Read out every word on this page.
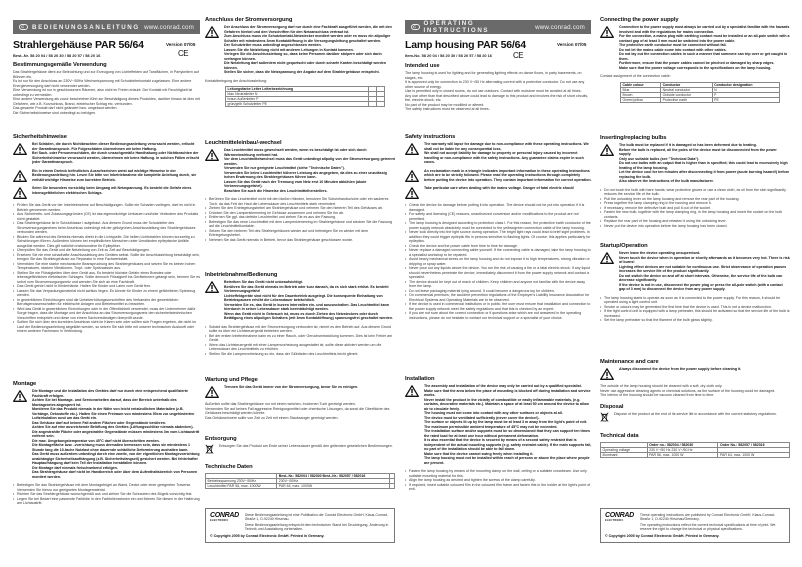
C	BEDIENUNGSANLEITUNG www.conrad.com
Strahlergehäuse PAR 56/64
Best.-Nr. 58 20 04 / 58 20 30 / 58 20 57 / 58 20 16
Version 07/05
CE
Bestimmungsgemäße Verwendung
Das Strahlergehäuse dient zur Beleuchtung und zur Erzeugung von Lichteffekten auf Tanzflächen, in Partykellern auf Bühnen etc.
Es ist nur für den Anschluss an 230V~/50Hz Wechselspannung mit Schutzleiterkontakt zugelassen. Eine andere Energieversorgung darf nicht verwendet werden.
Eine Verwendung ist nur in geschlossenen Räumen, also nicht im Freien erlaubt. Der Kontakt mit Feuchtigkeit ist unbedingt zu vermeiden.
Eine andere Verwendung als zuvor beschrieben führt zur Beschädigung dieses Produktes, darüber hinaus ist dies mit Gefahren, wie z.B. Kurzschluss, Brand, elektrischer Schlag etc. verbunden.
Das gesamte Produkt darf nicht geändert bzw. umgebaut werden.
Die Sicherheitshinweise sind unbedingt zu befolgen.
Sicherheitshinweise
Bei Schäden, die durch Nichtbeachten dieser Bedienungsanleitung verursacht werden, erlischt der Garantieanspruch. Für Folgeschäden übernehmen wir keine Haftung.
Bei Sach- oder Personenschäden, die durch unsachgemäße Handhabung oder Nichtbeachten der Sicherheitshinweise verursacht werden, übernehmen wir keine Haftung. In solchen Fällen erlischt jeder Garantieanspruch.
Ein in einem Dreieck befindliches Ausrufezeichen weist auf wichtige Hinweise in der Bedienungsanleitung hin. Lesen Sie bitte vor Inbetriebnahme die komplette Anleitung durch, sie enthält wichtige Hinweise zum korrekten Betrieb.
Seien Sie besonders vorsichtig beim Umgang mit Netzspannung. Es besteht die Gefahr eines lebensgefährlichen elektrischen Schlags.
• Prüfen Sie das Gerät vor der Inbetriebnahme auf Beschädigungen. Sollte ein Schaden vorliegen, darf es nicht in Betrieb genommen werden.
• Aus Sicherheits- und Zulassungsgründen (CE) ist das eigenmächtige Umbauen und/oder Verändern des Produkts nicht gestattet.
• Das Strahlergehäuse ist in Schutzklasse I aufgebaut. Aus diesem Grund muss der Schutzleiter des Stromversorgungsnetzes beim Anschluss unbedingt mit der gelb/grünen Anschlussleitung des Strahlergehäuses verbunden werden.
• Blicken Sie während des Betriebs niemals direkt in die Lichtquelle. Die hellen Lichtstrahlen können kurzzeitig zu Sehstörungen führen. Außerdem können bei empfindlichen Menschen unter Umständen epileptische Anfälle ausgelöst werden. Dies gilt natürlich insbesondere für Epileptiker.
• Überprüfen Sie das Gerät und die Netzleitung von Zeit zu Zeit auf Beschädigungen.
• Ersetzen Sie nie eine schadhafte Anschlussleitung des Gerätes selbst. Sollte die Anschlussleitung beschädigt sein, bringen Sie das Strahlergehäuse zur Reparatur in eine Fachwerkstatt.
• Vermeiden Sie eine starke mechanische Beanspruchung des Strahlergehäuses und setzen Sie es keinen hohen Temperaturen, starken Vibrationen, Tropf- oder Spritzwasser aus.
• Stellen Sie nie Flüssigkeiten über dem Gerät aus. Es besteht höchste Gefahr eines Brandes oder lebensgefährlichen elektrischen Schlages. Sollte dennoch Flüssigkeit ins Geräteinnere gelangt sein, trennen Sie es sofort vom Stromversorgungsnetz und wenden Sie sich an eine Fachkraft.
• Das Gerät gehört nicht in Kinderhände. Halten Sie Kinder und Laien vom Gerät fern.
• Lassen Sie das Verpackungsmaterial nicht achtlos liegen. Es könnte für Kinder zu einem gefährlichen Spielzeug werden.
• In gewerblichen Einrichtungen sind die Unfallverhütungsvorschriften des Verbandes der gewerblichen Berufsgenossenschaften für elektrische Anlagen und Betriebsmittel zu beachten.
• Wird das Gerät in gewerblichen Einrichtungen oder in der Öffentlichkeit verwendet, muss der Unternehmer dafür Sorge tragen, dass die Montage und der Anschluss an das Stromversorgungsnetz den sicherheitstechnischen Vorschriften entspricht und diese von einem Sachverständigen überprüft wurde.
• Sollten Sie sich über den korrekten Anschluss nicht im Klaren sein oder sollten sich Fragen ergeben, die nicht im Lauf der Bedienungsanleitung abgeklärt werden, so setzen Sie sich bitte mit unserer technischen Auskunft oder einem anderen Fachmann in Verbindung.
Montage
Die Montage und die Installation des Gerätes darf nur durch eine entsprechend qualifizierte Fachkraft erfolgen.
Achten Sie bei Montage- und Servicearbeiten darauf, dass der Bereich unterhalb des Montageortes abgesperrt ist.
Montieren Sie das Produkt niemals in der Nähe von leicht entzündlichen Materialien (z.B. Vorhänge, Dekostoffe etc.). Halten Sie einen Freiraum von mindestens 50cm zur ungehinderten Luftzirkulation rund um das Gerät ein.
Das Gehäuse darf auf keinen Fall andere Flächen oder Gegenstände berühren.
Achten Sie auf eine ausreichende Belüftung des Gerätes (Lüftungsschlitze niemals abdecken).
Die angestrahlte Fläche oder angestrahlte Gegenstände müssen mindestens 3m vom Lichtaustritt entfernt sein.
Die max. Umgebungstemperatur von 45°C darf nicht überschritten werden.
Die Montagefläche bzw. -vorrichtung muss dermaßen bemessen sein, dass sie mindestens 1 Stunde lang die 10-fache Nutzlast ohne dauernde schädliche Deformierung aushalten kann.
Das Gerät muss außerdem unbedingt durch eine zweite, von der eigentlichen Montagevorrichtung unabhängige Sicherheitsaufhängung (z.B. Sicherheitsfangseil) gesichert werden. Bei fehlerhafter Hauptaufhängung darf kein Teil der Installation herabfallen können.
Die Montage darf niemals freischwebend erfolgen.
Das Strahlergehäuse darf nicht im Handbereich oder über dem Aufenthaltsbereich von Personen montiert werden.
• Befestigen Sie das Strahlergehäuse mit dem Montagebügel an Wand, Decke oder einer geeigneten Traverse. Verwenden Sie hierzu nur geeignetes Montagematerial.
• Richten Sie das Strahlergehäuse wunschgemäß aus und ziehen Sie die Schrauben des Bügels vorsichtig fest.
• Legen Sie bei Bedarf eine passende Farbfolie in den Farbfolienrahmen ein und fixieren Sie diesen in der Halterung am Lichtaustritt.
Anschluss der Stromversorgung
Der Anschluss der Stromversorgung darf nur durch eine Fachkraft ausgeführt werden, die mit den Gefahren hierbei und den Vorschriften für den Netzanschluss vertraut ist.
Zum Anschluss muss ein Schutzkontakt-Netzstecker montiert werden oder es muss ein allpoliger Schalter mit mindestens 3mm Kontaktöffnung in die Versorgungsleitung geschaltet werden.
Der Schutzleiter muss unbedingt angeschlossen werden.
Lassen Sie die Netzleitung nicht mit anderen Leitungen in Kontakt kommen.
Verlegen Sie die Anschlussleitung so, dass keine Personen darüber stolpern oder sich darin verfangen können.
Die Netzleitung darf außerdem nicht gequetscht oder durch scharfe Kanten beschädigt werden können.
Stellen Sie sicher, dass die Netzspannung der Angabe auf dem Strahlergehäuse entspricht.
Kontaktbelegung der Anschlussleitung:
Leitungsfarbe Leiter Leiterbezeichnung		
blau Neutralleiter N		
braun Außenleiter P		
grün/gelb Schutzleiter PE		
Leuchtmitteleinbau/-wechsel
Das Leuchtmittel muss gewechselt werden, wenn es beschädigt ist oder sich durch Wärmeeinwirkung verformt hat.
Vor dem Leuchtmittelwechsel muss das Gerät unbedingt allpolig von der Stromversorgung getrennt werden.
Verwenden Sie nur geeignete Leuchtmittel (siehe "Technische Daten").
Verwenden Sie keine Leuchtmittel höherer Leistung als angegeben, da dies zu einer unzulässig hohen Erwärmung des Strahlergehäuses führen kann.
Lassen Sie das Gerät nach der Trennung vom Netz erst 10 Minuten abkühlen (akute Verbrennungsgefahr!).
Beachten Sie auch die Hinweise des Leuchtmittelherstellers.
• Berühren Sie das Leuchtmittel nicht mit den bloßen Händen, benutzen Sie Schutzhandschuhe oder ein sauberes Tuch, da das Fett der Haut die Lebensdauer des Leuchtmittels stark vermindert.
• Ziehen Sie den Entriegelungshebel am Strahlergehäuse und nehmen Sie den hinteren Teil des Gehäuses ab.
• Drücken Sie den Lampenklemmring im Gehäuse zusammen und nehmen Sie ihn ab.
• Entfernen Sie ggf. das defekte Leuchtmittel und ziehen Sie es aus der Fassung.
• Befestigen Sie das neue Leuchtmittel mit dem Lampenklemmring im Strahlergehäuse und stecken Sie die Fassung auf die Leuchtmittelkontakte.
• Setzen Sie den hinteren Teil des Strahlergehäuses wieder auf und befestigen Sie es wieder mit dem Entriegelungshebel.
• Nehmen Sie das Gerät niemals in Betrieb, bevor das Strahlergehäuse geschlossen wurde.
Inbetriebnahme/Bedienung
Betreiben Sie das Gerät nicht unbeaufsichtigt.
Berühren Sie das Gerät niemals im Betrieb oder kurz danach, da es sich stark erhitzt. Es besteht Verbrennungsgefahr!
Lichteffektgeräte sind nicht für den Dauerbetrieb ausgelegt. Die konsequente Einhaltung von Betriebspausen erhöht die Lebensdauer beträchtlich.
Vermeiden Sie es, das Gerät in kurzen Intervallen ein- und auszuschalten. Das Leuchtmittel kann hierdurch in seiner Lebensdauer stark beeinträchtigt werden.
Wenn das Gerät nicht in Gebrauch ist, muss es durch Ziehen des Netzsteckers oder durch Betätigung eines allpoligen Schalters (mit 3mm Kontaktöffnung) spannungsfrei geschaltet werden.
• Sobald das Strahlergehäuse mit der Stromversorgung verbunden ist, nimmt es den Betrieb auf. Aus diesem Grund sollte es über ein Lichtsteuergerät betrieben werden.
• Bei der ersten Inbetriebnahme kann es zu einer Rauch- oder Geruchsentwicklung kommen. Dies ist kein Fehler am Gerät.
• Wenn das Lichtsteuergerät mit einer Lampenvorheizung ausgestattet ist, sollte diese aktiviert werden um die Lebensdauer des Leuchtmittels zu erhöhen.
• Stellen Sie die Lampenvorheizung so ein, dass der Glühfaden des Leuchtmittels leicht glimmt.
Wartung und Pflege
Trennen Sie das Gerät immer von der Stromversorgung, bevor Sie es reinigen.
Äußerlich sollte das Strahlergehäuse nur mit einem weichen, trockenen Tuch gereinigt werden.
Verwenden Sie auf keinen Fall aggressive Reinigungsmittel oder chemische Lösungen, da sonst die Oberfläche des Gehäuses beschädigt werden könnte.
Das Gehäuseinnere sollte von Zeit zu Zeit mit einem Staubsauger gereinigt werden.
Entsorgung
Entsorgen Sie das Produkt am Ende seiner Lebensdauer gemäß den geltenden gesetzlichen Bestimmungen.
Technische Daten
	Best.-Nr.: 582004 / 582030 Best.-Nr.: 582057 / 582016	
Betriebsspannung 230V~/50Hz	230V~/50Hz	
Leuchtmittel PAR 56, max. 1000W	PAR 64, max. 1000W	
CONRAD
ELECTRONIC
Diese Bedienungsanleitung ist eine Publikation der Conrad Electronic GmbH, Klaus-Conrad-Straße 1, D-92240 Hirschau.
Diese Bedienungsanleitung entspricht dem technischen Stand bei Drucklegung. Änderung in Technik und Ausstattung vorbehalten.
© Copyright 2005 by Conrad Electronic GmbH. Printed in Germany.
C OPERATING INSTRUCTIONS	www.conrad.com
Lamp housing PAR 56/64
Item-No. 58 20 04 / 58 20 30 / 58 20 57 / 58 20 16
Version 07/05
CE
Intended use
The lamp housing is used for lighting and for generating lighting effects on dance floors, in party basements, on stages, etc.
It is approved only for connection to 230 V~/50 Hz alternating current with a protective conductor. Do not use any other source of energy.
Use is permitted only in closed rooms, do not use outdoors. Contact with moisture must be avoided at all times.
Any use other than that described above could lead to damage to this product and involves the risk of short circuits, fire, electric shock, etc.
No part of the product may be modified or altered.
The safety instructions must be observed at all times.
Safety instructions
The warranty will lapse for damage due to non-compliance with these operating instructions. We shall not be liable for any consequential loss.
We shall not accept liability for damage to property or personal injury caused by incorrect handling or non-compliance with the safety instructions. Any guarantee claims expire in such cases.
An exclamation mark in a triangle indicates important information in these operating instructions which are to be strictly followed. Please read the operating instructions through completely before putting the device into operation. They contain important information for correct operation.
Take particular care when dealing with the mains voltage. Danger of fatal electric shock!
• Check the device for damage before putting it into operation. The device should not be put into operation if it is damaged.
• For safety and licensing (CE) reasons, unauthorized conversion and/or modifications to the product are not permitted.
• The lamp housing is designed according to protection class I. For this reason, the protective earth conductor of the power supply network absolutely must be connected to the yellow/green connection cable of the lamp housing.
• Never look directly into the light source during operation. The bright light rays could lead to brief sight problems. In addition they could trigger epileptic fits in persons sensitive to flashing lights. Of course, this applies particularly for epileptics.
• Check the device and the power cable from time to time for damage.
• Never replace a damaged connecting cable yourself. If the connecting cable is damaged, take the lamp housing to a specialist workshop to be repaired.
• Avoid heavy mechanical stress on the lamp housing and do not expose it to high temperatures, strong vibration or dripping or spray water.
• Never pour out any liquids above the device. You run the risk of causing a fire or a fatal electric shock. If any liquid should nevertheless penetrate the device, immediately disconnect it from the power supply network and contact a specialist.
• The device should be kept out of reach of children. Keep children and anyone not familiar with the device away from the lamp.
• Do not leave packaging material lying around. It could become a dangerous toy for children.
• On commercial premises, the accident prevention regulations of the Employer's Liability Insurance Association for Electrical Systems and Operating Materials are to be observed.
• If the device is used in commercial institutions or in public, the user must ensure that installation and connection to the power supply network meet the safety regulations and that this is checked by an expert.
• If you are not sure about the correct connection or if questions arise which are not answered in the operating instructions, please do not hesitate to contact our technical support or a specialist of your choice.
Installation
The assembly and installation of the device may only be carried out by a qualified specialist.
Make sure that the area below the place of mounting is blocked off during installation and service works.
Never install the product in the vicinity of combustible or easily inflammable materials, (e.g. curtains, decorative materials etc.). Maintain a space of at least 50 cm around the device to allow air to circulate freely.
The housing must not come into contact with any other surfaces or objects at all.
The device must be ventilated sufficiently (never cover the device!).
The surface or objects lit up by the lamp must be at least 3 m away from the light's point of exit.
The maximum permissible ambient temperature of 45°C may not be exceeded.
The installation surface and/or supports must be so dimensioned that they can support ten times the rated load for at least one hour without permanent deformation.
It is also essential that the device is secured by means of a second safety restraint that is independent of the actual mounting supports (e.g. safety restraint cable). If the main supports fail, no part of the installation should be able to fall down.
Make sure that the device cannot swing freely when installing it.
The lamp housing must not be installed within reach of persons or above the place where people are present.
• Fasten the lamp housing by means of the mounting clamp on the wall, ceiling or a suitable crossbeam. Use only suitable mounting material for this.
• Align the lamp housing as desired and tighten the screws of the clamp carefully.
• If required, insert suitable coloured film in the coloured film frame and fasten this in the holder at the light's point of exit.
Connecting the power supply
Connection to the power supply must always be carried out by a specialist familiar with the hazards involved and with the regulations for mains connection.
For the connection, a mains plug with earthing contact must be installed or an all-pole switch with a contact gap of at least 3 mm must be switched into the power cable.
The protective earth conductor must be connected without fail.
Do not let the mains cable come into contact with other cables.
Do not lay out the connection cables in such a manner that someone can trip over or get caught in them.
Furthermore, ensure that the power cables cannot be pinched or damaged by sharp edges.
Make sure that the power voltage corresponds to the specifications on the lamp housing.
Contact assignment of the connection cable:
Cable colour	Conductor	Conductor designation
Blue	Neutral conductor	N
Brown	Outside conductor	P
Green/yellow	Protective earth	PE
Inserting/replacing bulbs
The bulb must be replaced if it is damaged or has been deformed due to heating.
Before the bulb is replaced, all the poles of the device must be disconnected from the power supply.
Only use suitable bulbs (see "Technical Data").
Do not use bulbs with an output that is higher than is specified; this could lead to excessively high heating of the lamp housing.
Let the device cool for ten minutes after disconnecting it from power (acute burning hazard!) before replacing the bulb.
Also observe the instructions of the bulb manufacturer.
• Do not touch the bulb with bare hands; wear protective gloves or use a clean cloth, as oil from the skin significantly reduces the service life of the bulb.
• Pull the unlocking lever on the lamp housing and remove the rear part of the housing.
• Press together the lamp clamping ring in the housing and remove it.
• If necessary, remove the defective bulb and pull it out of the socket.
• Fasten the new bulb, together with the lamp clamping ring, in the lamp housing and insert the socket on the bulb contacts.
• Replace the rear part of the housing and retasten it using the unlocking lever.
• Never put the device into operation before the lamp housing has been closed.
Startup/Operation
Never leave the device operating unsupervised.
Never touch the device when in operation or shortly afterwards as it becomes very hot. There is risk of burns!
Lighting effect devices are not suitable for continuous use. Strict observance of operation pauses increases the service life of the product significantly.
Do not switch the device on and off at short intervals. Otherwise, the service life of the bulb can decrease significantly.
If the device is not in use, disconnect the power plug or press the all-pole switch (with a contact gap of 3 mm) to disconnect the device from any power supply.
• The lamp housing starts to operate as soon as it is connected to the power supply. For this reason, it should be operated using a light control unit.
• Smoke or odours may be generated the first time that the device is used. This is not a device malfunction.
• If the light control unit is equipped with a lamp preheater, this should be activated so that the service life of the bulb is increased.
• Set the lamp preheater so that the filament of the bulb glows slightly.
Maintenance and care
Always disconnect the device from the power supply before cleaning it.
The outside of the lamp housing should be cleaned with a soft, dry cloth only.
Never use aggressive cleaning agents or chemical solutions, as the surface of the housing could be damaged.
The interior of the housing should be vacuum cleaned from time to time.
Disposal
Dispose of the product at the end of its service life in accordance with the current statutory regulations.
Technical data
	Order no.: 582004 / 582030	Order No.: 582057 / 582016
Operating voltage	230 V~/50 Hz 230 V~/50 Hz	
Illuminant	PAR 56, max. 1000 W	PAR 64, max. 1000 W
CONRAD
ELECTRONIC
These operating instructions are published by Conrad Electronic GmbH, Klaus-Conrad-Straße 1, D-92240 Hirschau/Germany.
The operating instructions reflect the current technical specifications at time of print. We reserve the right to change the technical or physical specifications.
© Copyright 2005 by Conrad Electronic GmbH. Printed in Germany.
